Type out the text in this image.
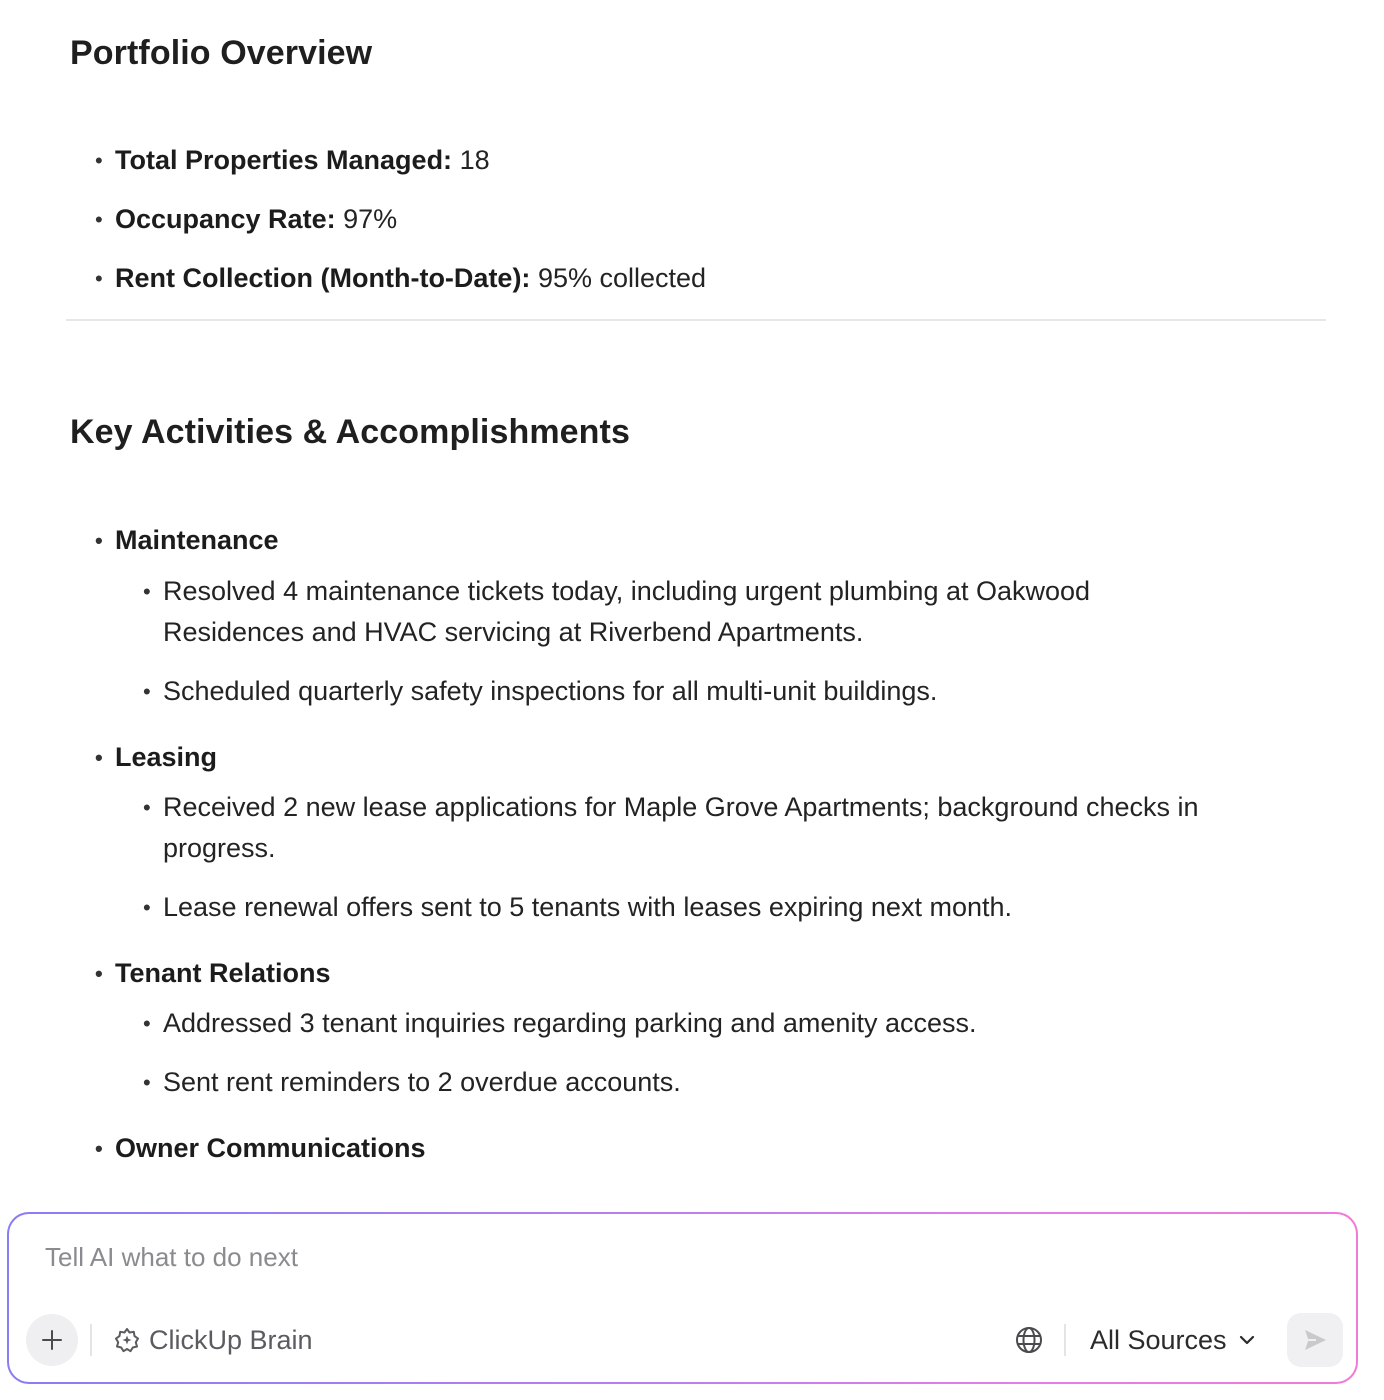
Portfolio Overview
• Total Properties Managed: 18
• Occupancy Rate: 97%
• Rent Collection (Month-to-Date): 95% collected
Key Activities & Accomplishments
• Maintenance
• Resolved 4 maintenance tickets today, including urgent plumbing at Oakwood
Residences and HVAC servicing at Riverbend Apartments.
• Scheduled quarterly safety inspections for all multi-unit buildings.
• Leasing
• Received 2 new lease applications for Maple Grove Apartments; background checks in
progress.
• Lease renewal offers sent to 5 tenants with leases expiring next month.
• Tenant Relations
• Addressed 3 tenant inquiries regarding parking and amenity access.
• Sent rent reminders to 2 overdue accounts.
• Owner Communications
Tell AI what to do next
ClickUp Brain	All Sources
